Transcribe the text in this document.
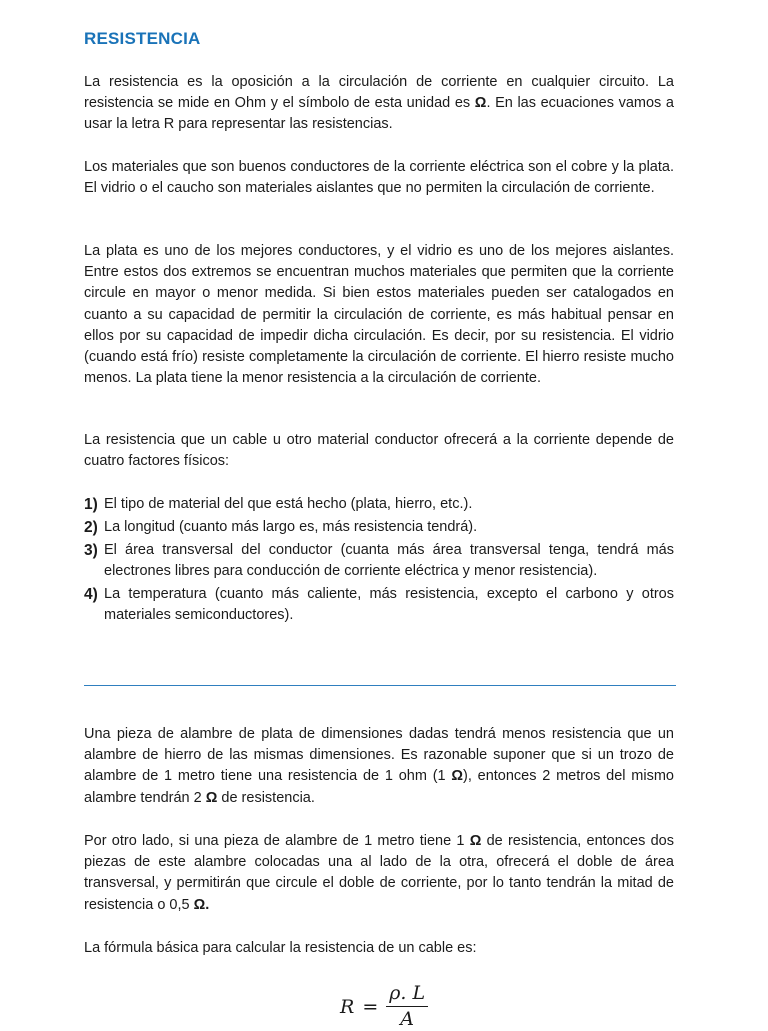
RESISTENCIA

La resistencia es la oposición a la circulación de corriente en cualquier circuito. La resistencia se mide en Ohm y el símbolo de esta unidad es Ω. En las ecuaciones vamos a usar la letra R para representar las resistencias.

Los materiales que son buenos conductores de la corriente eléctrica son el cobre y la plata. El vidrio o el caucho son materiales aislantes que no permiten la circulación de corriente.

La plata es uno de los mejores conductores, y el vidrio es uno de los mejores aislantes. Entre estos dos extremos se encuentran muchos materiales que permiten que la corriente circule en mayor o menor medida. Si bien estos materiales pueden ser catalogados en cuanto a su capacidad de permitir la circulación de corriente, es más habitual pensar en ellos por su capacidad de impedir dicha circulación. Es decir, por su resistencia. El vidrio (cuando está frío) resiste completamente la circulación de corriente. El hierro resiste mucho menos. La plata tiene la menor resistencia a la circulación de corriente.

La resistencia que un cable u otro material conductor ofrecerá a la corriente depende de cuatro factores físicos:

1) El tipo de material del que está hecho (plata, hierro, etc.).
2) La longitud (cuanto más largo es, más resistencia tendrá).
3) El área transversal del conductor (cuanta más área transversal tenga, tendrá más electrones libres para conducción de corriente eléctrica y menor resistencia).
4) La temperatura (cuanto más caliente, más resistencia, excepto el carbono y otros materiales semiconductores).

Una pieza de alambre de plata de dimensiones dadas tendrá menos resistencia que un alambre de hierro de las mismas dimensiones. Es razonable suponer que si un trozo de alambre de 1 metro tiene una resistencia de 1 ohm (1 Ω), entonces 2 metros del mismo alambre tendrán 2 Ω de resistencia.

Por otro lado, si una pieza de alambre de 1 metro tiene 1 Ω de resistencia, entonces dos piezas de este alambre colocadas una al lado de la otra, ofrecerá el doble de área transversal, y permitirán que circule el doble de corriente, por lo tanto tendrán la mitad de resistencia o 0,5 Ω.

La fórmula básica para calcular la resistencia de un cable es:

$R = \frac{\rho. L}{A}$
